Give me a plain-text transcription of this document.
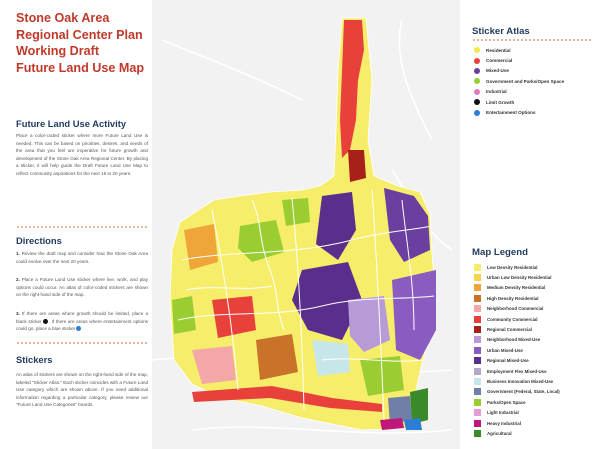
Stone Oak Area
Regional Center Plan
Working Draft
Future Land Use Map
Future Land Use Activity
Place a color-coded sticker where more Future Land Use is needed. This can be based on priorities, desires, and needs of the area that you feel are imperative for future growth and development of the Stone Oak Area Regional Center. By placing a sticker, it will help guide the Draft Future Land Use Map to reflect community aspirations for the next 15 to 20 years.
Directions
1. Review the draft map and consider how the Stone Oak Area could evolve over the next 20 years.
2. Place a Future Land Use sticker where live, work, and play options could occur. An atlas of color-coded stickers are shown on the right-hand side of the map.
3. If there are areas where growth should be limited, place a black sticker . If there are areas where entertainment options could go, place a blue sticker .
Stickers
An atlas of stickers are shown on the right-hand side of the map, labeled "Sticker Atlas." Each sticker coincides with a Future Land Use category which are shown above. If you need additional information regarding a particular category, please review our "Future Land Use Categories" boards.
Sticker Atlas
Residential
Commercial
Mixed-Use
Government and Parks/Open Space
Industrial
Limit Growth
Entertainment Options
Map Legend
Low Density Residential
Urban Low Density Residential
Medium Density Residential
High Density Residential
Neighborhood Commercial
Community Commercial
Regional Commercial
Neighborhood Mixed-Use
Urban Mixed-Use
Regional Mixed-Use
Employment Flex Mixed-Use
Business Innovation Mixed-Use
Government (Federal, State, Local)
Parks/Open Space
Light Industrial
Heavy Industrial
Agricultural
